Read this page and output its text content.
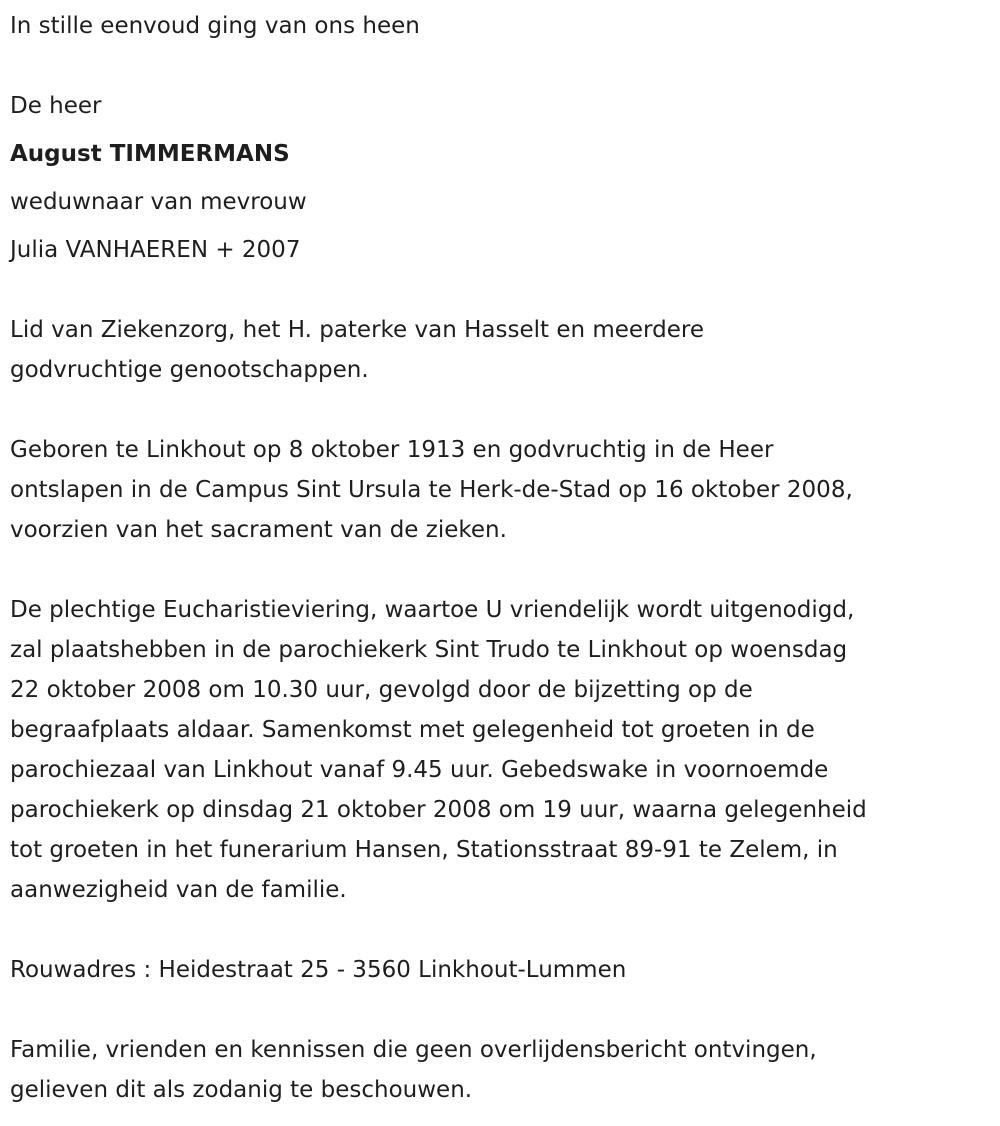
In stille eenvoud ging van ons heen
De heer
August TIMMERMANS
weduwnaar van mevrouw
Julia VANHAEREN + 2007
Lid van Ziekenzorg, het H. paterke van Hasselt en meerdere
godvruchtige genootschappen.
Geboren te Linkhout op 8 oktober 1913 en godvruchtig in de Heer
ontslapen in de Campus Sint Ursula te Herk-de-Stad op 16 oktober 2008,
voorzien van het sacrament van de zieken.
De plechtige Eucharistieviering, waartoe U vriendelijk wordt uitgenodigd,
zal plaatshebben in de parochiekerk Sint Trudo te Linkhout op woensdag
22 oktober 2008 om 10.30 uur, gevolgd door de bijzetting op de
begraafplaats aldaar. Samenkomst met gelegenheid tot groeten in de
parochiezaal van Linkhout vanaf 9.45 uur. Gebedswake in voornoemde
parochiekerk op dinsdag 21 oktober 2008 om 19 uur, waarna gelegenheid
tot groeten in het funerarium Hansen, Stationsstraat 89-91 te Zelem, in
aanwezigheid van de familie.
Rouwadres : Heidestraat 25 - 3560 Linkhout-Lummen
Familie, vrienden en kennissen die geen overlijdensbericht ontvingen,
gelieven dit als zodanig te beschouwen.
